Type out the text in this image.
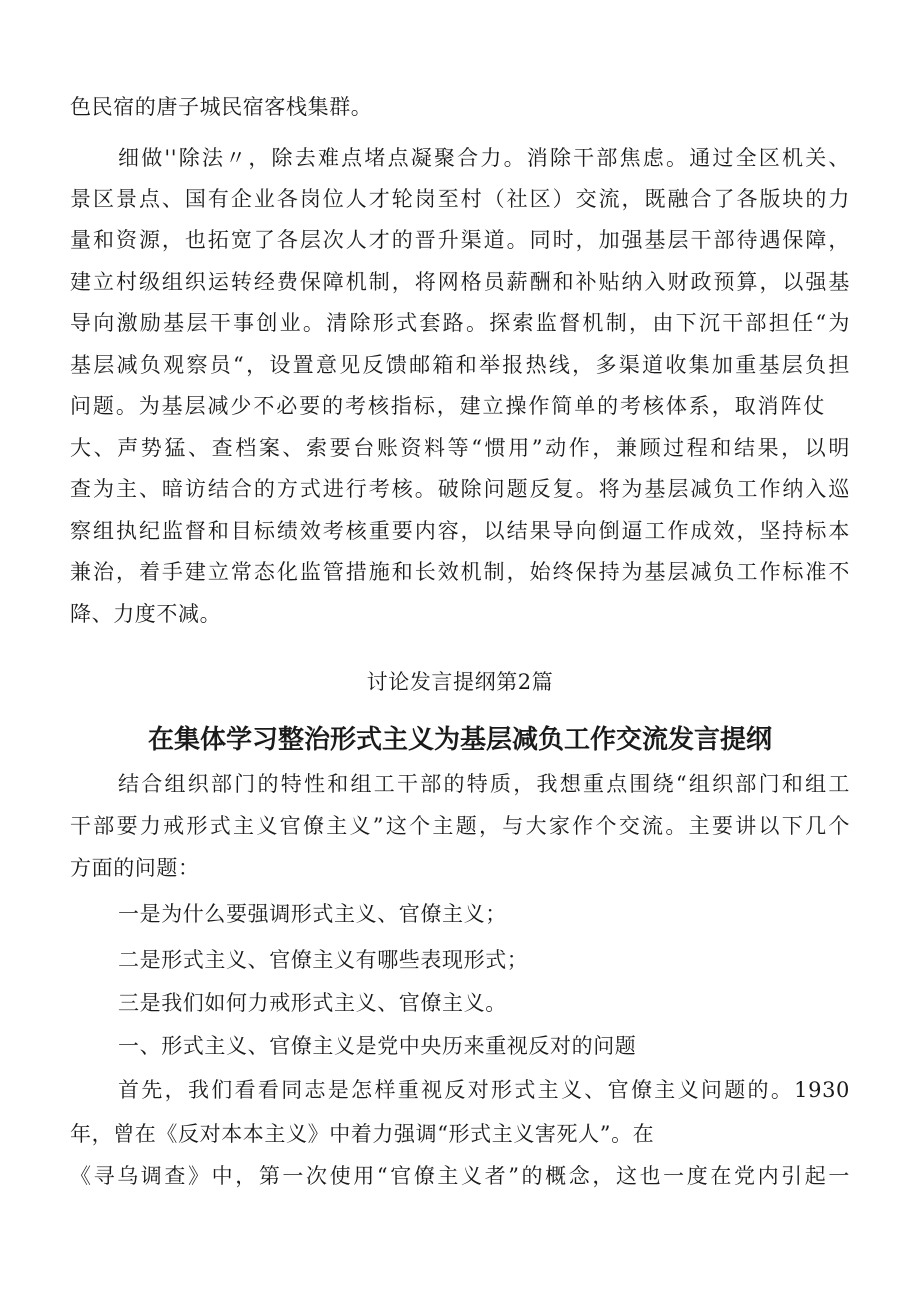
色民宿的唐子城民宿客栈集群。
细做''除法〃，除去难点堵点凝聚合力。消除干部焦虑。通过全区机关、
景区景点、国有企业各岗位人才轮岗至村（社区）交流，既融合了各版块的力
量和资源，也拓宽了各层次人才的晋升渠道。同时，加强基层干部待遇保障，
建立村级组织运转经费保障机制，将网格员薪酬和补贴纳入财政预算，以强基
导向激励基层干事创业。清除形式套路。探索监督机制，由下沉干部担任“为
基层减负观察员“，设置意见反馈邮箱和举报热线，多渠道收集加重基层负担
问题。为基层减少不必要的考核指标，建立操作简单的考核体系，取消阵仗
大、声势猛、查档案、索要台账资料等“惯用”动作，兼顾过程和结果，以明
查为主、暗访结合的方式进行考核。破除问题反复。将为基层减负工作纳入巡
察组执纪监督和目标绩效考核重要内容，以结果导向倒逼工作成效，坚持标本
兼治，着手建立常态化监管措施和长效机制，始终保持为基层减负工作标准不
降、力度不减。
讨论发言提纲第2篇
在集体学习整治形式主义为基层减负工作交流发言提纲
结合组织部门的特性和组工干部的特质，我想重点围绕“组织部门和组工
干部要力戒形式主义官僚主义”这个主题，与大家作个交流。主要讲以下几个
方面的问题：
一是为什么要强调形式主义、官僚主义；
二是形式主义、官僚主义有哪些表现形式；
三是我们如何力戒形式主义、官僚主义。
一、形式主义、官僚主义是党中央历来重视反对的问题
首先，我们看看同志是怎样重视反对形式主义、官僚主义问题的。1930
年，曾在《反对本本主义》中着力强调“形式主义害死人”。在
《寻乌调查》中，第一次使用“官僚主义者”的概念，这也一度在党内引起一
